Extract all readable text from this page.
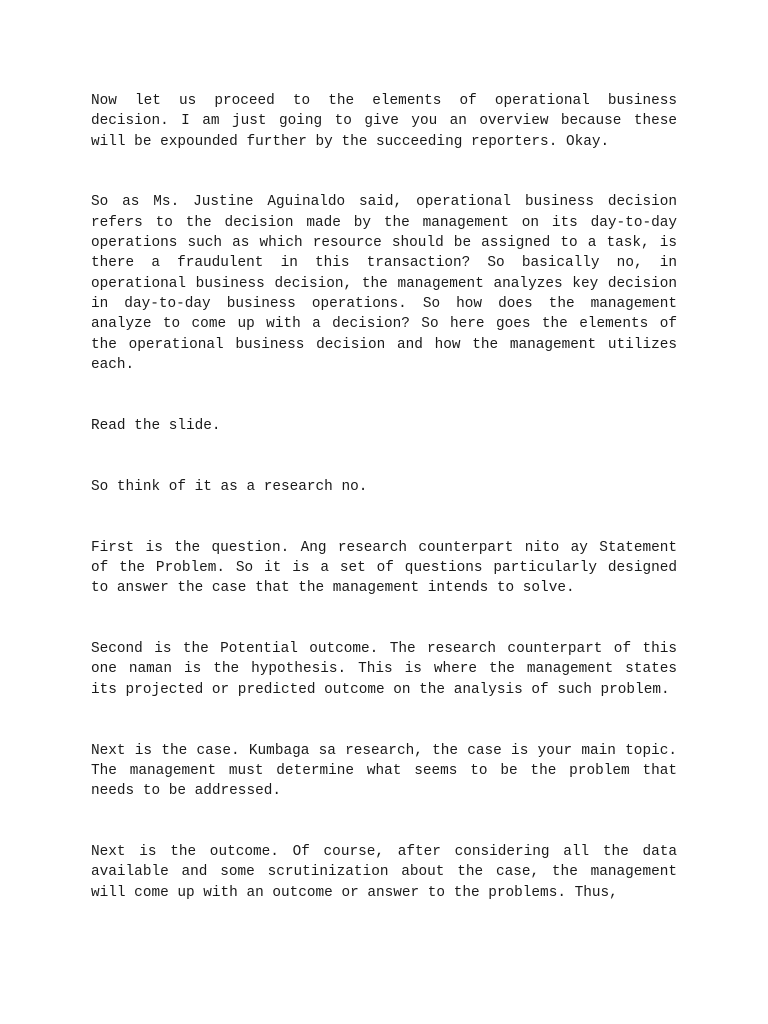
Now let us proceed to the elements of operational business decision. I am just going to give you an overview because these will be expounded further by the succeeding reporters. Okay.

So as Ms. Justine Aguinaldo said, operational business decision refers to the decision made by the management on its day-to-day operations such as which resource should be assigned to a task, is there a fraudulent in this transaction? So basically no, in operational business decision, the management analyzes key decision in day-to-day business operations. So how does the management analyze to come up with a decision? So here goes the elements of the operational business decision and how the management utilizes each.

Read the slide.

So think of it as a research no.

First is the question. Ang research counterpart nito ay Statement of the Problem. So it is a set of questions particularly designed to answer the case that the management intends to solve.

Second is the Potential outcome. The research counterpart of this one naman is the hypothesis. This is where the management states its projected or predicted outcome on the analysis of such problem.

Next is the case. Kumbaga sa research, the case is your main topic. The management must determine what seems to be the problem that needs to be addressed.

Next is the outcome. Of course, after considering all the data available and some scrutinization about the case, the management will come up with an outcome or answer to the problems. Thus,
